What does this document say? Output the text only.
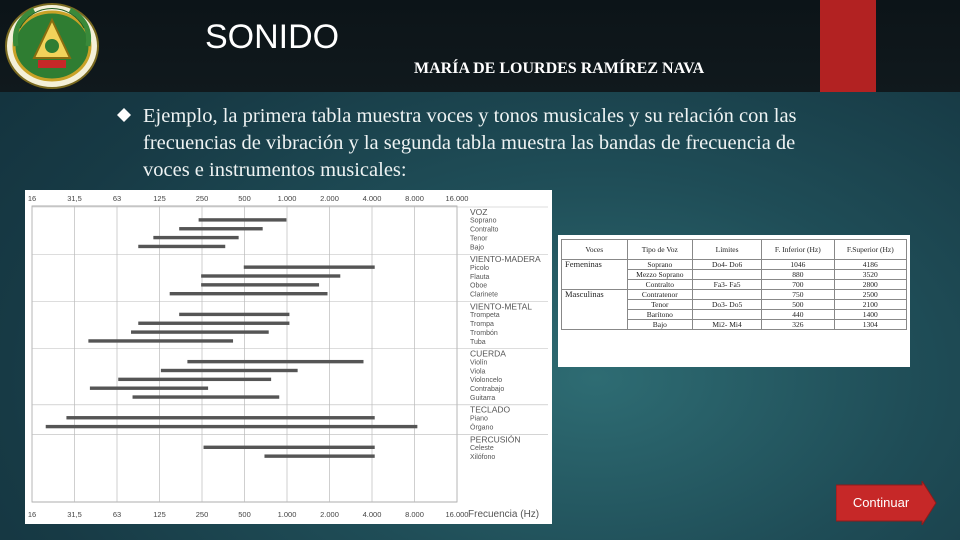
SONIDO
MARÍA DE LOURDES RAMÍREZ NAVA
Ejemplo, la primera tabla muestra voces y tonos musicales y su relación con las frecuencias de vibración y la segunda tabla muestra las bandas de frecuencia de voces e instrumentos musicales:
16
16
31,5
31,5
63
63
125
125
250
250
500
500
1.000
1.000
2.000
2.000
4.000
4.000
8.000
8.000
16.000
16.000 Frecuencia (Hz)
VOZ
Soprano
Contralto
Tenor
Bajo
VIENTO-MADERA
Picolo
Flauta
Oboe
Clarinete
VIENTO-METAL
Trompeta
Trompa
Trombón
Tuba
CUERDA
Violín
Viola
Violoncelo
Contrabajo
Guitarra
TECLADO
Piano
Órgano
PERCUSIÓN
Celeste
Xilófono
Voces	Tipo de Voz	Límites	F. Inferior (Hz)	F.Superior (Hz)
Femeninas	Soprano	Do4- Do6	1046	4186
	Mezzo Soprano		880	3520
	Contralto	Fa3- Fa5	700	2800
Masculinas	Contratenor		750	2500
	Tenor	Do3- Do5	500	2100
	Barítono		440	1400
	Bajo	Mi2- Mi4	326	1304
Continuar
